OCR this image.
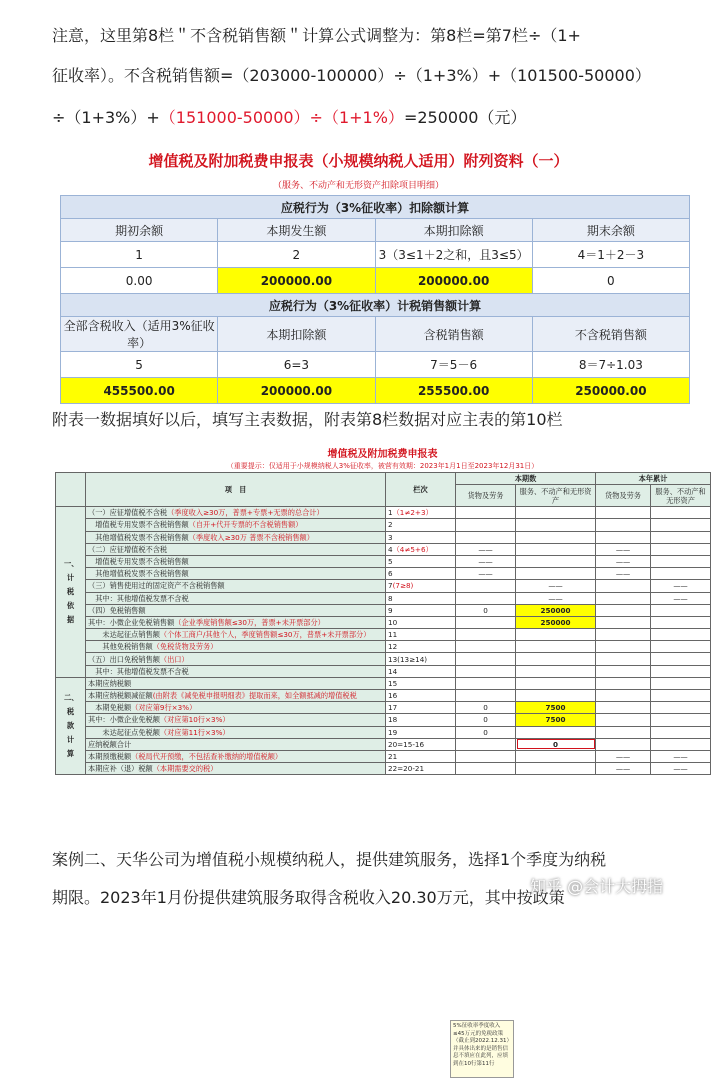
注意，这里第8栏＂不含税销售额＂计算公式调整为：第8栏=第7栏÷（1+
征收率）。不含税销售额=（203000-100000）÷（1+3%）+（101500-50000）
÷（1+3%）+（151000-50000）÷（1+1%）=250000（元）
增值税及附加税费申报表（小规模纳税人适用）附列资料（一）
（服务、不动产和无形资产扣除项目明细）
应税行为（3%征收率）扣除额计算			
期初余额	本期发生额	本期扣除额	期末余额
1	2	3（3≤1＋2之和，且3≤5）	4＝1＋2－3
0.00	200000.00	200000.00	0
应税行为（3%征收率）计税销售额计算			
全部含税收入（适用3%征收率）	本期扣除额	含税销售额	不含税销售额
5	6=3	7＝5－6	8＝7÷1.03
455500.00	200000.00	255500.00	250000.00
附表一数据填好以后，填写主表数据，附表第8栏数据对应主表的第10栏
增值税及附加税费申报表
（重要提示：仅适用于小规模纳税人3%征收率，被营有效期：2023年1月1日至2023年12月31日）
	项　目	栏次	本期数		本年累计	
			货物及劳务	服务、不动产和无形资产	货物及劳务	服务、不动产和无形资产
一、计税依据	（一）应征增值税不含税（季度收入≥30万，普票+专票+无票的总合计）	1（1≠2+3）				
	　增值税专用发票不含税销售额（自开+代开专票的不含税销售额）	2				
	　其他增值税发票不含税销售额（季度收入≥30万 普票不含税销售额）	3				
	（二）应征增值税不含税	4（4≠5+6）	——		——	
	　增值税专用发票不含税销售额	5	——		——	
	　其他增值税发票不含税销售额	6	——		——	
	（三）销售使用过的固定资产不含税销售额	7(7≥8)		——		——
	　其中：其他增值税发票不含税	8		——		——
	（四）免税销售额	9	0	250000		
	其中：小微企业免税销售额（企业季度销售额≤30万，普票+未开票部分）	10		250000		
	　　未达起征点销售额（个体工商户/其他个人，季度销售额≤30万，普票+未开票部分）	11				
	　　其他免税销售额（免税货物及劳务）	12				
	（五）出口免税销售额（出口）	13(13≥14)				
	　其中：其他增值税发票不含税	14				
二、税款计算	本期应纳税额	15				
	本期应纳税额减征额(由附表《减免税申报明细表》提取而来，如全额抵减的增值税税	16				
	　本期免税额（对应第9行×3%）	17	0	7500		
	其中：小微企业免税额（对应第10行×3%）	18	0	7500		
	　　未达起征点免税额（对应第11行×3%）	19	0			
	应纳税额合计	20=15-16		0		
	本期预缴税额（税局代开预缴，不包括查补缴纳的增值税额）	21			——	——
	本期应补（退）税额（本期需要交的税）	22=20-21			——	——
5%征收率季度收入≤45万元的免税政策（截止到2022.12.31）并具体出来的是销售信息不填应在此列，应填到在10行第11行
案例二、天华公司为增值税小规模纳税人，提供建筑服务，选择1个季度为纳税
期限。2023年1月份提供建筑服务取得含税收入20.30万元，其中按政策
知乎 @会计大拇指
